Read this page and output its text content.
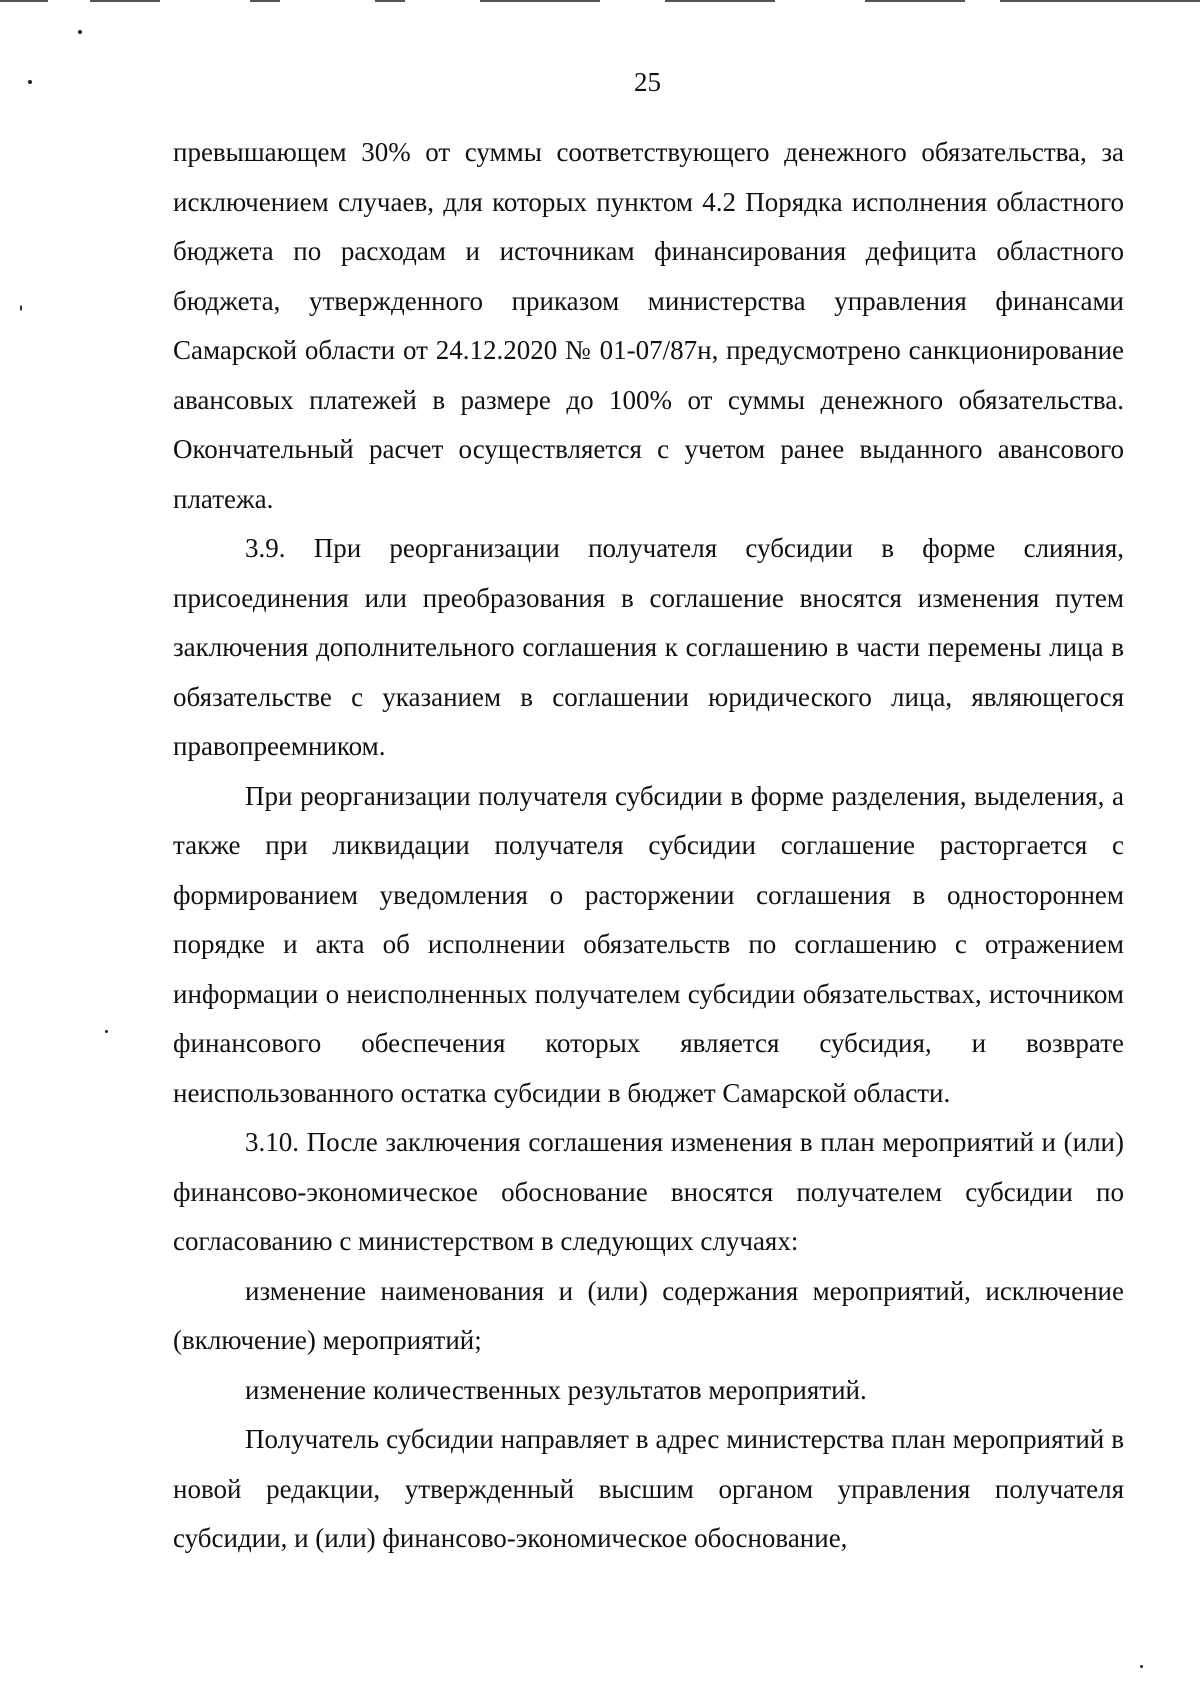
25

превышающем 30% от суммы соответствующего денежного обязательства, за исключением случаев, для которых пунктом 4.2 Порядка исполнения областного бюджета по расходам и источникам финансирования дефицита областного бюджета, утвержденного приказом министерства управления финансами Самарской области от 24.12.2020 № 01-07/87н, предусмотрено санкционирование авансовых платежей в размере до 100% от суммы денежного обязательства. Окончательный расчет осуществляется с учетом ранее выданного авансового платежа.

3.9. При реорганизации получателя субсидии в форме слияния, присоединения или преобразования в соглашение вносятся изменения путем заключения дополнительного соглашения к соглашению в части перемены лица в обязательстве с указанием в соглашении юридического лица, являющегося правопреемником.

При реорганизации получателя субсидии в форме разделения, выделения, а также при ликвидации получателя субсидии соглашение расторгается с формированием уведомления о расторжении соглашения в одностороннем порядке и акта об исполнении обязательств по соглашению с отражением информации о неисполненных получателем субсидии обязательствах, источником финансового обеспечения которых является субсидия, и возврате неиспользованного остатка субсидии в бюджет Самарской области.

3.10. После заключения соглашения изменения в план мероприятий и (или) финансово-экономическое обоснование вносятся получателем субсидии по согласованию с министерством в следующих случаях:

изменение наименования и (или) содержания мероприятий, исключение (включение) мероприятий;

изменение количественных результатов мероприятий.

Получатель субсидии направляет в адрес министерства план мероприятий в новой редакции, утвержденный высшим органом управления получателя субсидии, и (или) финансово-экономическое обоснование,
